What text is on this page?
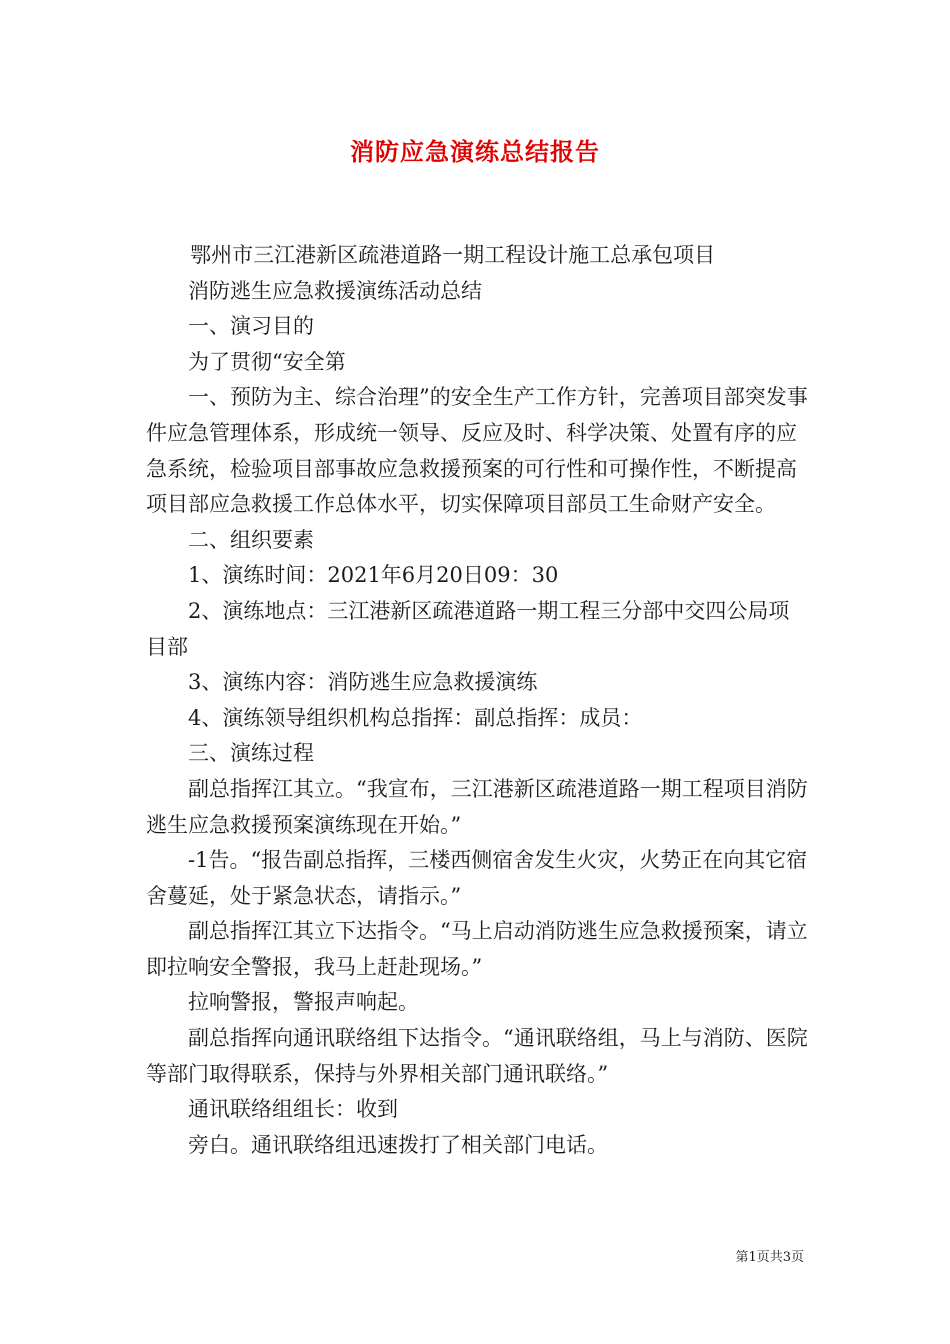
消防应急演练总结报告

鄂州市三江港新区疏港道路一期工程设计施工总承包项目

消防逃生应急救援演练活动总结

一、演习目的

为了贯彻“安全第

一、预防为主、综合治理”的安全生产工作方针，完善项目部突发事件应急管理体系，形成统一领导、反应及时、科学决策、处置有序的应急系统，检验项目部事故应急救援预案的可行性和可操作性，不断提高项目部应急救援工作总体水平，切实保障项目部员工生命财产安全。

二、组织要素

1、演练时间：2021年6月20日09：30

2、演练地点：三江港新区疏港道路一期工程三分部中交四公局项目部

3、演练内容：消防逃生应急救援演练

4、演练领导组织机构总指挥：副总指挥：成员：

三、演练过程

副总指挥江其立。“我宣布，三江港新区疏港道路一期工程项目消防逃生应急救援预案演练现在开始。”

-1告。“报告副总指挥，三楼西侧宿舍发生火灾，火势正在向其它宿舍蔓延，处于紧急状态，请指示。”

副总指挥江其立下达指令。“马上启动消防逃生应急救援预案，请立即拉响安全警报，我马上赶赴现场。”

拉响警报，警报声响起。

副总指挥向通讯联络组下达指令。“通讯联络组，马上与消防、医院等部门取得联系，保持与外界相关部门通讯联络。”

通讯联络组组长：收到

旁白。通讯联络组迅速拨打了相关部门电话。

第1页共3页
